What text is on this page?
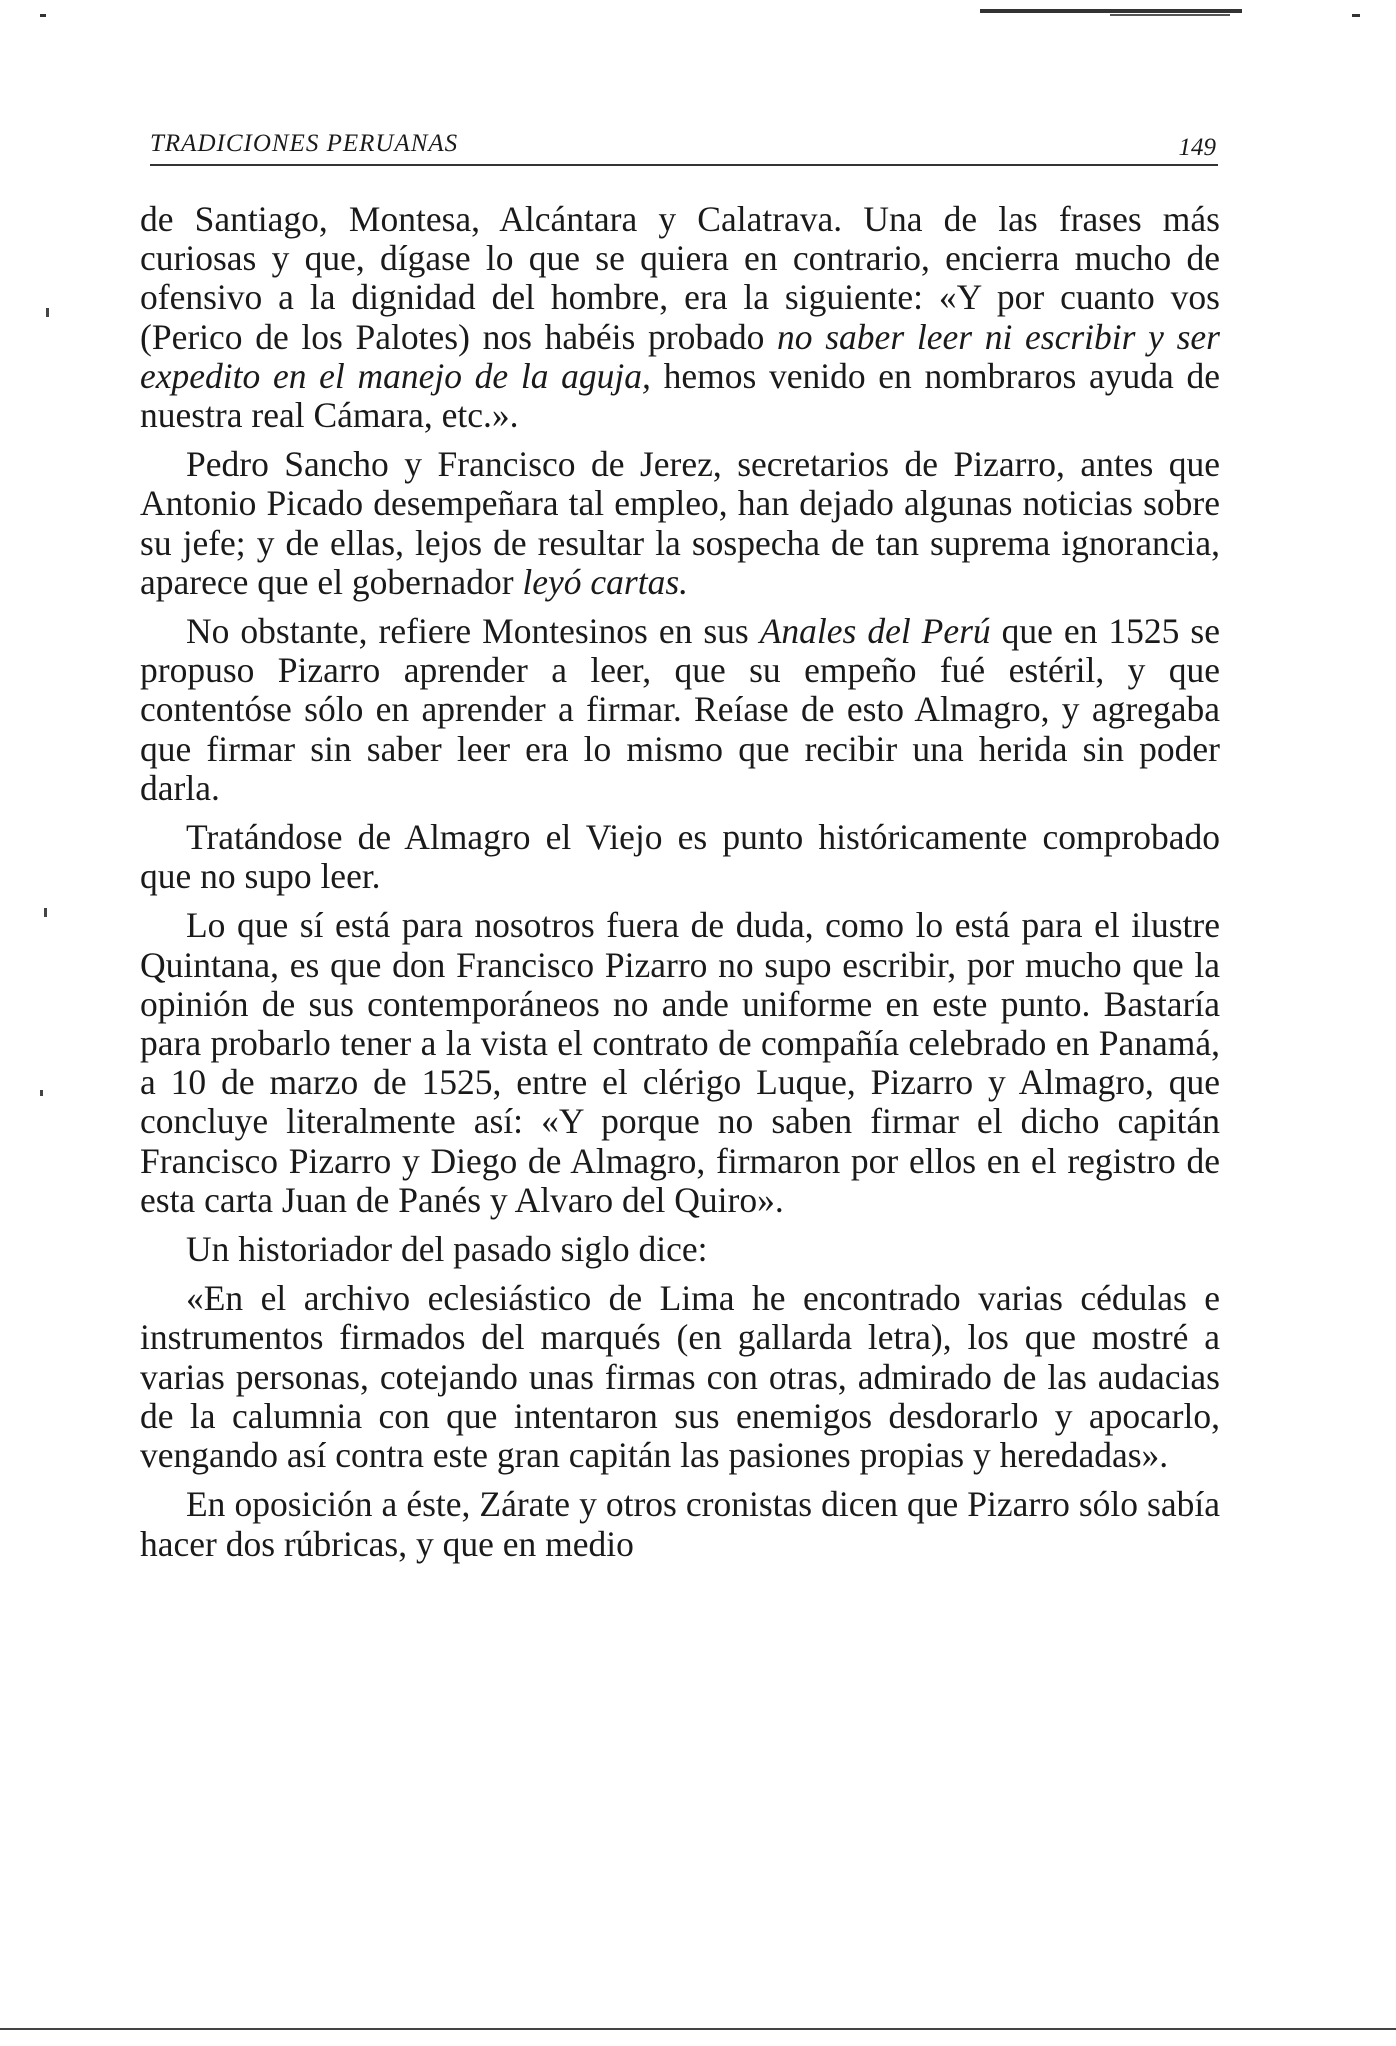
TRADICIONES PERUANAS	149

de Santiago, Montesa, Alcántara y Calatrava. Una de las frases más curiosas y que, dígase lo que se quiera en contrario, encierra mucho de ofensivo a la dignidad del hombre, era la siguiente: «Y por cuanto vos (Perico de los Palotes) nos habéis probado no saber leer ni escribir y ser expedito en el manejo de la aguja, hemos venido en nombraros ayuda de nuestra real Cámara, etc.».

Pedro Sancho y Francisco de Jerez, secretarios de Pizarro, antes que Antonio Picado desempeñara tal empleo, han dejado algunas noticias sobre su jefe; y de ellas, lejos de resultar la sospecha de tan suprema ignorancia, aparece que el gobernador leyó cartas.

No obstante, refiere Montesinos en sus Anales del Perú que en 1525 se propuso Pizarro aprender a leer, que su empeño fué estéril, y que contentóse sólo en aprender a firmar. Reíase de esto Almagro, y agregaba que firmar sin saber leer era lo mismo que recibir una herida sin poder darla.

Tratándose de Almagro el Viejo es punto históricamente comprobado que no supo leer.

Lo que sí está para nosotros fuera de duda, como lo está para el ilustre Quintana, es que don Francisco Pizarro no supo escribir, por mucho que la opinión de sus contemporáneos no ande uniforme en este punto. Bastaría para probarlo tener a la vista el contrato de compañía celebrado en Panamá, a 10 de marzo de 1525, entre el clérigo Luque, Pizarro y Almagro, que concluye literalmente así: «Y porque no saben firmar el dicho capitán Francisco Pizarro y Diego de Almagro, firmaron por ellos en el registro de esta carta Juan de Panés y Alvaro del Quiro».

Un historiador del pasado siglo dice:

«En el archivo eclesiástico de Lima he encontrado varias cédulas e instrumentos firmados del marqués (en gallarda letra), los que mostré a varias personas, cotejando unas firmas con otras, admirado de las audacias de la calumnia con que intentaron sus enemigos desdorarlo y apocarlo, vengando así contra este gran capitán las pasiones propias y heredadas».

En oposición a éste, Zárate y otros cronistas dicen que Pizarro sólo sabía hacer dos rúbricas, y que en medio
